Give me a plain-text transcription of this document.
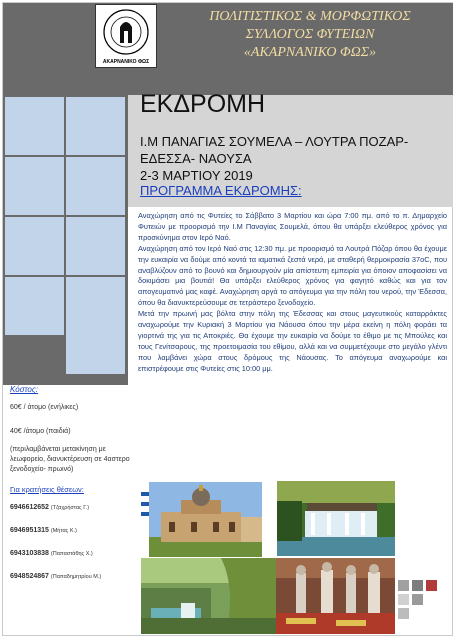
ΑΚΑΡΝΑΝΙΚΟ ΦΩΣ
ΠΟΛΙΤΙΣΤΙΚΟΣ & ΜΟΡΦΩΤΙΚΟΣ
ΣΥΛΛΟΓΟΣ ΦΥΤΕΙΩΝ
«ΑΚΑΡΝΑΝΙΚΟ ΦΩΣ»
ΕΚΔΡΟΜΗ
Ι.Μ ΠΑΝΑΓΙΑΣ ΣΟΥΜΕΛΑ – ΛΟΥΤΡΑ ΠΟΖΑΡ-
ΕΔΕΣΣΑ- ΝΑΟΥΣΑ
2-3 ΜΑΡΤΙΟΥ 2019
ΠΡΟΓΡΑΜΜΑ ΕΚΔΡΟΜΗΣ:

Αναχώρηση από τις Φυτείες το Σάββατο 3 Μαρτίου και ώρα 7:00 πμ. από το π. Δημαρχείο Φυτειών με προορισμό την Ι.Μ Παναγίας Σουμελά, όπου θα υπάρξει ελεύθερος χρόνος για προσκύνημα στον Ιερό Ναό.

Αναχώρηση από τον Ιερό Ναό στις 12:30 πμ. με προορισμό τα Λουτρά Πόζαρ όπου θα έχουμε την ευκαιρία να δούμε από κοντά τα ιαματικά ζεστά νερά, με σταθερή θερμοκρασία 37οC, που αναβλύζουν από το βουνό και δημιουργούν μία απίστευτη εμπειρία για όποιον αποφασίσει να δοκιμάσει μια βουτιά! Θα υπάρξει ελεύθερος χρόνος για φαγητό καθώς και για τον απογευματινό μας καφέ. Αναχώρηση αργά το απόγευμα για την πόλη του νερού, την Έδεσσα, όπου θα διανυκτερεύσουμε σε τετράστερο ξενοδοχείο.

Μετά την πρωινή μας βόλτα στην πόλη της Έδεσσας και στους μαγευτικούς καταρράκτες αναχωρούμε την Κυριακή 3 Μαρτίου για Νάουσα όπου την μέρα εκείνη η πόλη φοράει τα γιορτινά της για τις Αποκριές. Θα έχουμε την ευκαιρία να δούμε το έθιμο με τις Μπούλες και τους Γενίτσαρους, της προετοιμασία του εθίμου, αλλά και να συμμετέχουμε στο μεγάλο γλέντι που λαμβάνει χώρα στους δρόμους της Νάουσας. Το απόγευμα αναχωρούμε και επιστρέφουμε στις Φυτείες στις 10:00 μμ.

Κόστος:
60€ / άτομο (ενήλικες)
40€ /άτομο (παιδιά)
(περιλαμβάνεται μετακίνηση με λεωφορείο, διανυκτέρευση σε 4αστερο ξενοδοχείο- πρωινό)
Για κρατήσεις θέσεων:
6946612652 (Τζαχρήστας Γ.)
6946951315 (Μήτας Κ.)
6943103838 (Παπαστάθης Χ.)
6948524867 (Παπαδημητρίου Μ.)
